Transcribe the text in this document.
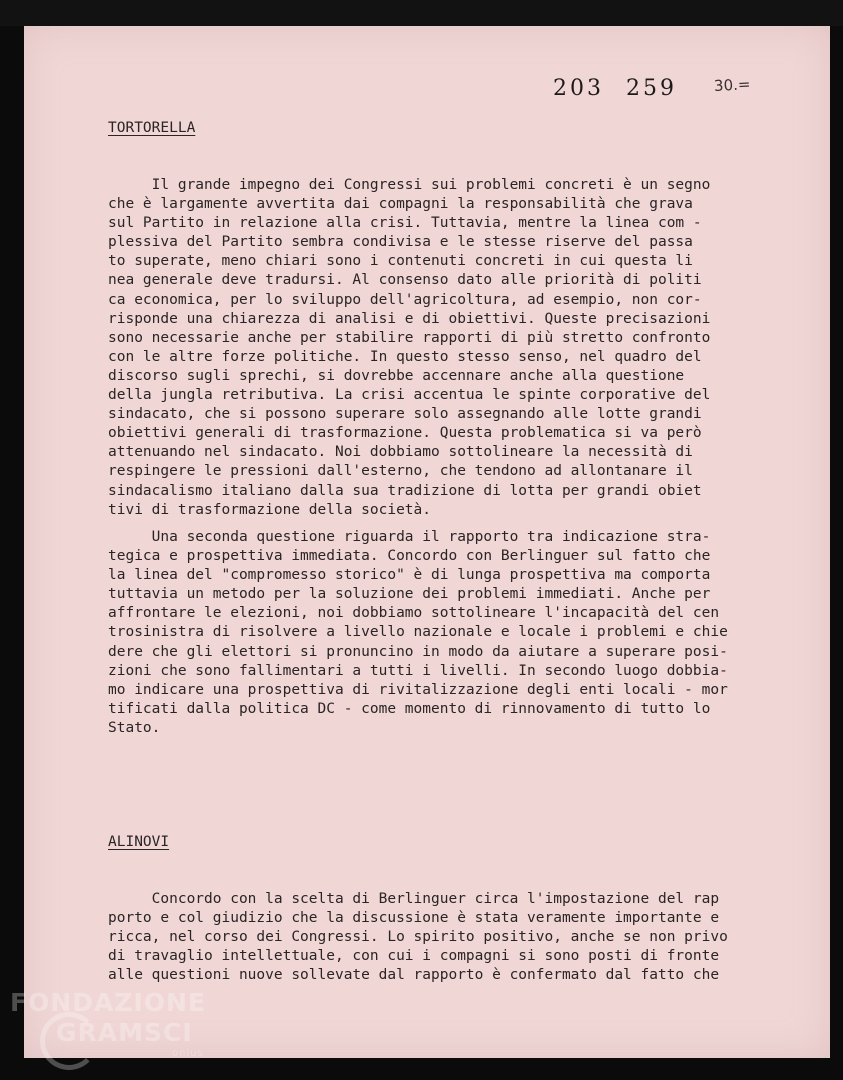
203 259 30.=
TORTORELLA
Il grande impegno dei Congressi sui problemi concreti è un segno
che è largamente avvertita dai compagni la responsabilità che grava
sul Partito in relazione alla crisi. Tuttavia, mentre la linea com -
plessiva del Partito sembra condivisa e le stesse riserve del passa
to superate, meno chiari sono i contenuti concreti in cui questa li
nea generale deve tradursi. Al consenso dato alle priorità di politi
ca economica, per lo sviluppo dell'agricoltura, ad esempio, non cor-
risponde una chiarezza di analisi e di obiettivi. Queste precisazioni
sono necessarie anche per stabilire rapporti di più stretto confronto
con le altre forze politiche. In questo stesso senso, nel quadro del
discorso sugli sprechi, si dovrebbe accennare anche alla questione
della jungla retributiva. La crisi accentua le spinte corporative del
sindacato, che si possono superare solo assegnando alle lotte grandi
obiettivi generali di trasformazione. Questa problematica si va però
attenuando nel sindacato. Noi dobbiamo sottolineare la necessità di
respingere le pressioni dall'esterno, che tendono ad allontanare il
sindacalismo italiano dalla sua tradizione di lotta per grandi obiet
tivi di trasformazione della società.
Una seconda questione riguarda il rapporto tra indicazione stra-
tegica e prospettiva immediata. Concordo con Berlinguer sul fatto che
la linea del "compromesso storico" è di lunga prospettiva ma comporta
tuttavia un metodo per la soluzione dei problemi immediati. Anche per
affrontare le elezioni, noi dobbiamo sottolineare l'incapacità del cen
trosinistra di risolvere a livello nazionale e locale i problemi e chie
dere che gli elettori si pronuncino in modo da aiutare a superare posi-
zioni che sono fallimentari a tutti i livelli. In secondo luogo dobbia-
mo indicare una prospettiva di rivitalizzazione degli enti locali - mor
tificati dalla politica DC - come momento di rinnovamento di tutto lo
Stato.
ALINOVI
Concordo con la scelta di Berlinguer circa l'impostazione del rap
porto e col giudizio che la discussione è stata veramente importante e
ricca, nel corso dei Congressi. Lo spirito positivo, anche se non privo
di travaglio intellettuale, con cui i compagni si sono posti di fronte
alle questioni nuove sollevate dal rapporto è confermato dal fatto che
FONDAZIONE
GRAMSCI
onlus
